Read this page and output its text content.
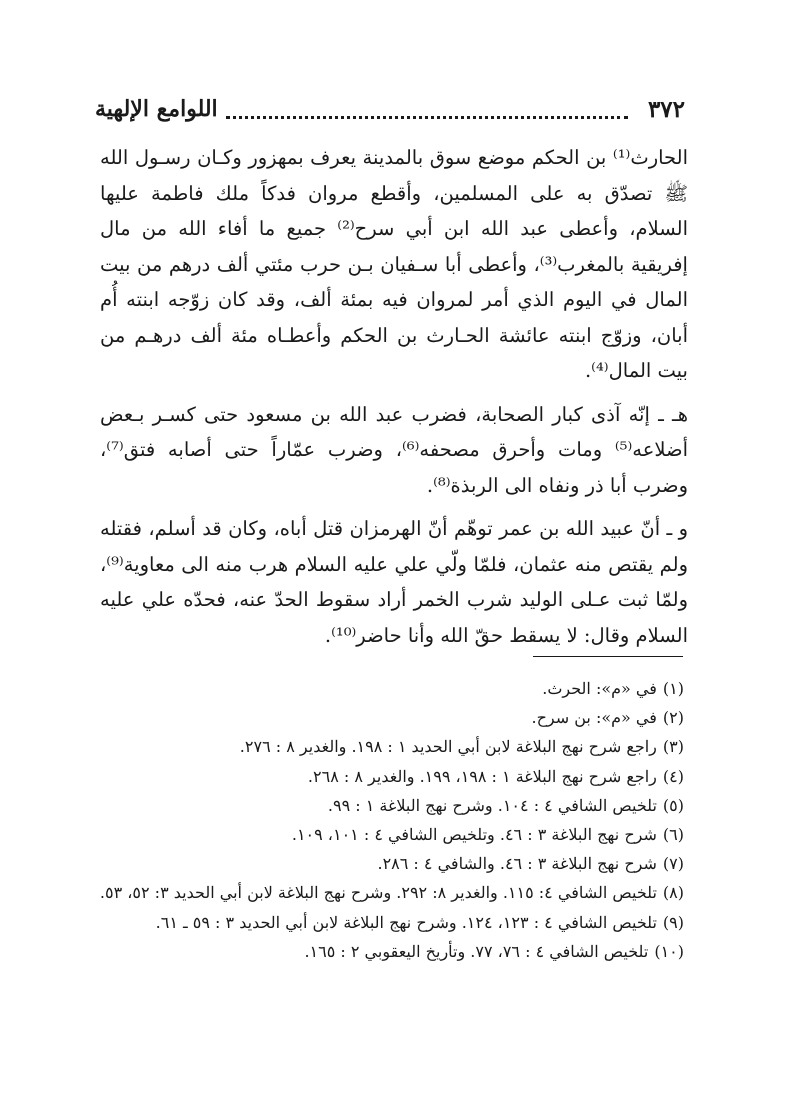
٣٧٢
اللوامع الإلهية

الحارث⁽¹⁾ بن الحكم موضع سوق بالمدينة يعرف بمهزور وكـان رسـول الله ﷺ تصدّق به على المسلمين، وأقطع مروان فدكاً ملك فاطمة عليها السلام، وأعطى عبد الله ابن أبي سرح⁽²⁾ جميع ما أفاء الله من مال إفريقية بالمغرب⁽³⁾، وأعطى أبا سـفيان بـن حرب مئتي ألف درهم من بيت المال في اليوم الذي أمر لمروان فيه بمئة ألف، وقد كان زوّجه ابنته أُم أبان، وزوّج ابنته عائشة الحـارث بن الحكم وأعطـاه مئة ألف درهـم من بيت المال⁽⁴⁾.

هـ ـ إنّه آذى كبار الصحابة، فضرب عبد الله بن مسعود حتى كسـر بـعض أضلاعه⁽⁵⁾ ومات وأحرق مصحفه⁽⁶⁾، وضرب عمّاراً حتى أصابه فتق⁽⁷⁾، وضرب أبا ذر ونفاه الى الربذة⁽⁸⁾.

و ـ أنّ عبيد الله بن عمر توهّم أنّ الهرمزان قتل أباه، وكان قد أسلم، فقتله ولم يقتص منه عثمان، فلمّا ولّي علي عليه السلام هرب منه الى معاوية⁽⁹⁾، ولمّا ثبت عـلى الوليد شرب الخمر أراد سقوط الحدّ عنه، فحدّه علي عليه السلام وقال: لا يسقط حقّ الله وأنا حاضر⁽¹⁰⁾.

(١)في «م»: الحرث.

(٢)في «م»: بن سرح.

(٣)راجع شرح نهج البلاغة لابن أبي الحديد ١ : ١٩٨. والغدير ٨ : ٢٧٦.

(٤)راجع شرح نهج البلاغة ١ : ١٩٨، ١٩٩. والغدير ٨ : ٢٦٨.

(٥)تلخيص الشافي ٤ : ١٠٤. وشرح نهج البلاغة ١ : ٩٩.

(٦)شرح نهج البلاغة ٣ : ٤٦. وتلخيص الشافي ٤ : ١٠١، ١٠٩.

(٧)شرح نهج البلاغة ٣ : ٤٦. والشافي ٤ : ٢٨٦.

(٨)تلخيص الشافي ٤: ١١٥. والغدير ٨: ٢٩٢. وشرح نهج البلاغة لابن أبي الحديد ٣: ٥٢، ٥٣.

(٩)تلخيص الشافي ٤ : ١٢٣، ١٢٤. وشرح نهج البلاغة لابن أبي الحديد ٣ : ٥٩ ـ ٦١.

(١٠)تلخيص الشافي ٤ : ٧٦، ٧٧. وتأريخ اليعقوبي ٢ : ١٦٥.
